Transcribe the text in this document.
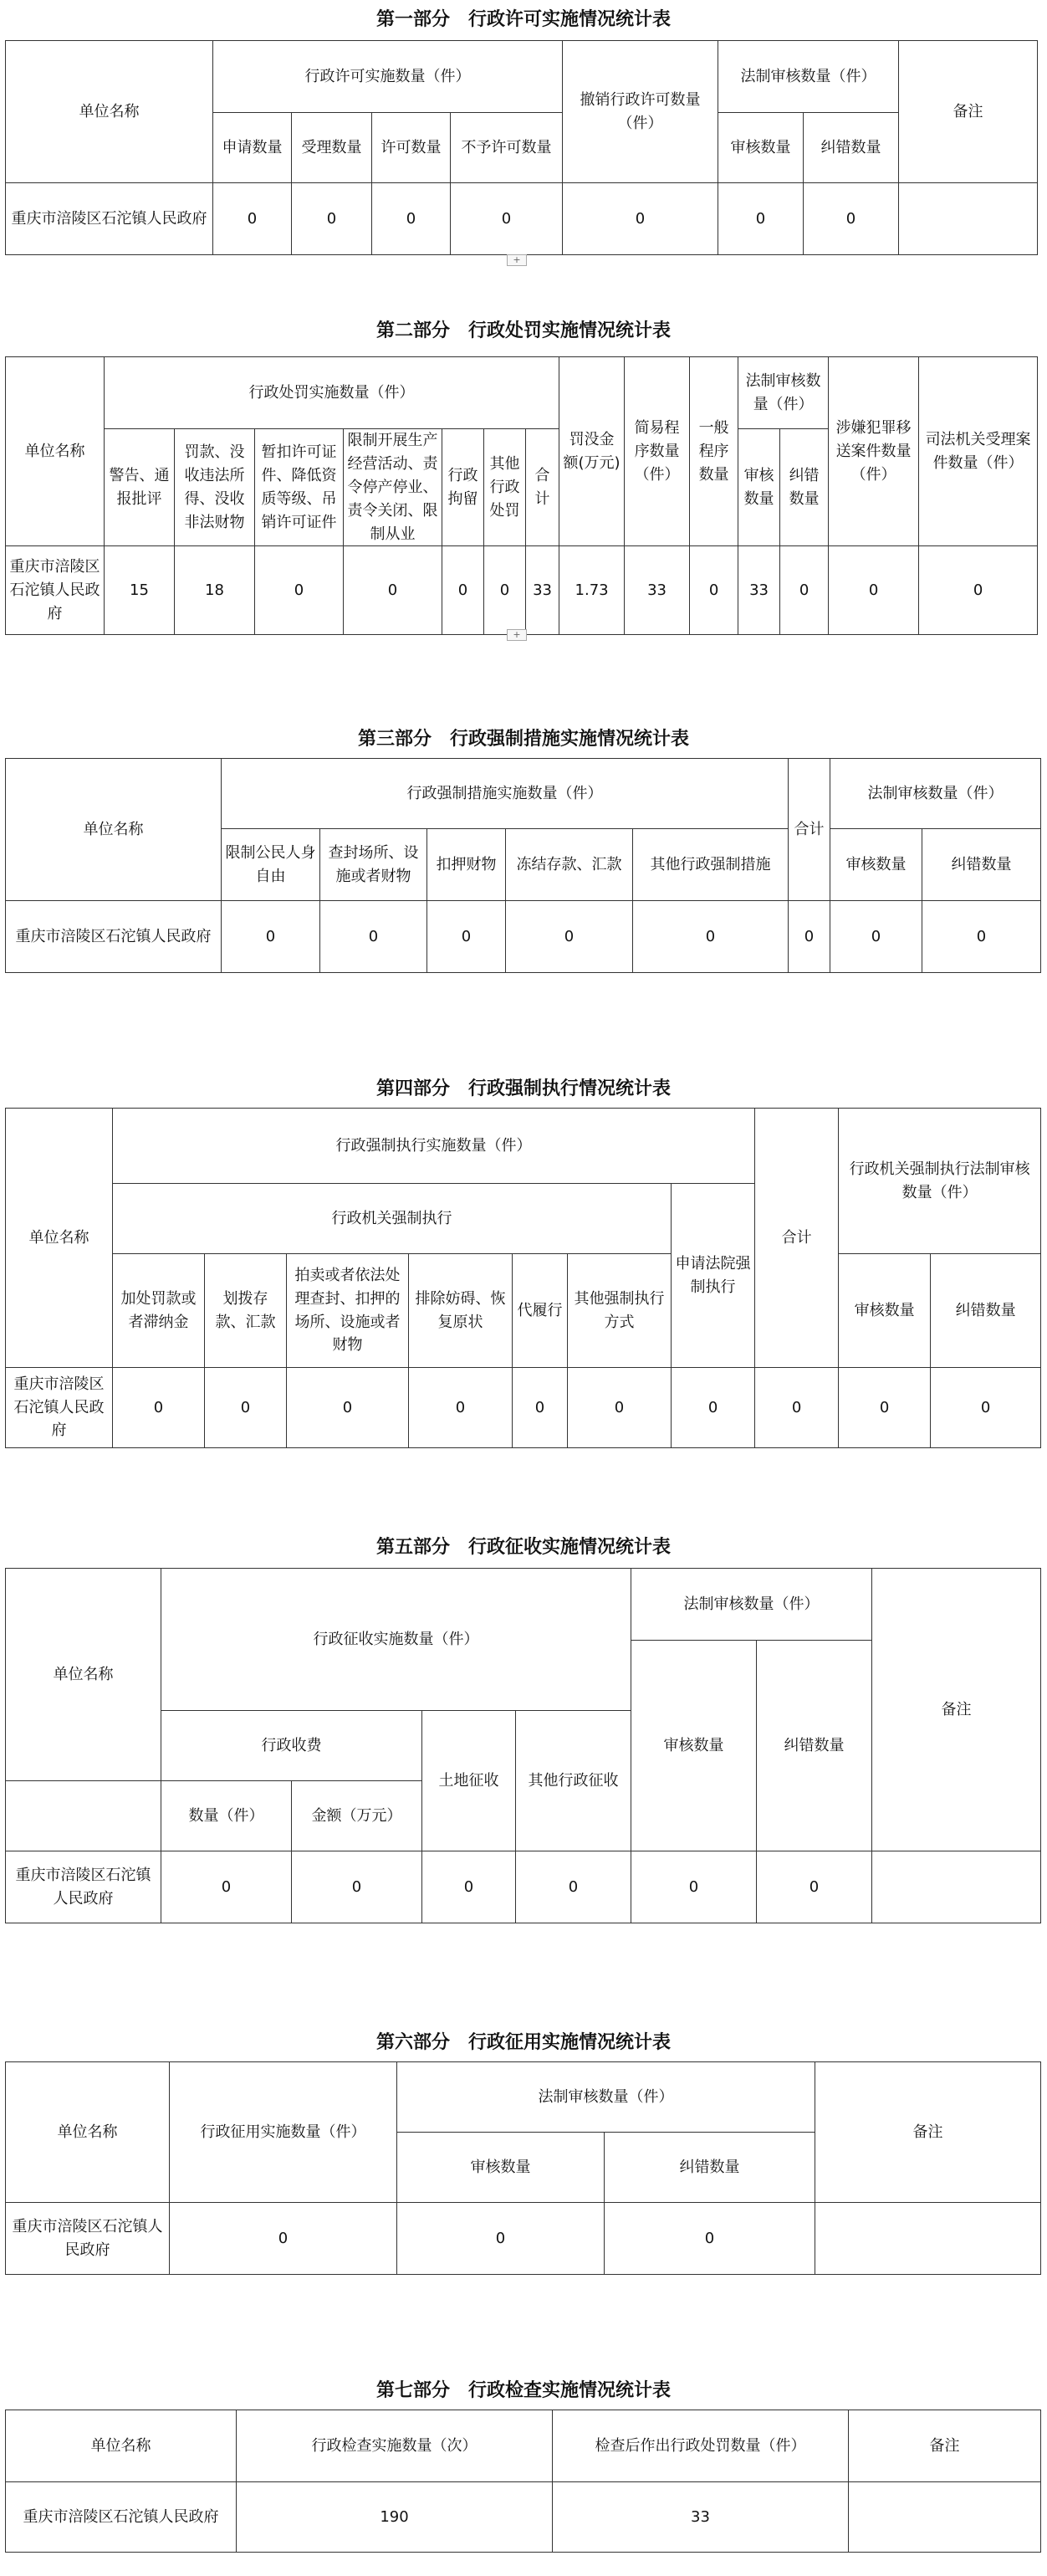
第一部分　行政许可实施情况统计表
单位名称	行政许可实施数量（件）				撤销行政许可数量（件）	法制审核数量（件）		备注
	申请数量	受理数量	许可数量	不予许可数量		审核数量	纠错数量	
重庆市涪陵区石沱镇人民政府	0	0	0	0	0	0	0	
+
第二部分　行政处罚实施情况统计表
单位名称	行政处罚实施数量（件）							罚没金额(万元)	简易程序数量（件）	一般程序数量	法制审核数量（件）		涉嫌犯罪移送案件数量（件）	司法机关受理案件数量（件）
	警告、通报批评	罚款、没收违法所得、没收非法财物	暂扣许可证件、降低资质等级、吊销许可证件	限制开展生产经营活动、责令停产停业、责令关闭、限制从业	行政拘留	其他行政处罚	合计				审核数量	纠错数量		
重庆市涪陵区石沱镇人民政府	15	18	0	0	0	0	33	1.73	33	0	33	0	0	0
+
第三部分　行政强制措施实施情况统计表
单位名称	行政强制措施实施数量（件）					合计	法制审核数量（件）	
	限制公民人身自由	查封场所、设施或者财物	扣押财物	冻结存款、汇款	其他行政强制措施		审核数量	纠错数量
重庆市涪陵区石沱镇人民政府	0	0	0	0	0	0	0	0
第四部分　行政强制执行情况统计表
单位名称	行政强制执行实施数量（件）							合计	行政机关强制执行法制审核数量（件）	
	行政机关强制执行						申请法院强制执行			
	加处罚款或者滞纳金	划拨存款、汇款	拍卖或者依法处理查封、扣押的场所、设施或者财物	排除妨碍、恢复原状	代履行	其他强制执行方式			审核数量	纠错数量
重庆市涪陵区石沱镇人民政府	0	0	0	0	0	0	0	0	0	0
第五部分　行政征收实施情况统计表
单位名称	行政征收实施数量（件）				法制审核数量（件）		备注
					审核数量	纠错数量	
	行政收费		土地征收	其他行政征收			
	数量（件）	金额（万元）					
重庆市涪陵区石沱镇人民政府	0	0	0	0	0	0	
第六部分　行政征用实施情况统计表
单位名称	行政征用实施数量（件）	法制审核数量（件）		备注
		审核数量	纠错数量	
重庆市涪陵区石沱镇人民政府	0	0	0	
第七部分　行政检查实施情况统计表
单位名称	行政检查实施数量（次）	检查后作出行政处罚数量（件）	备注
重庆市涪陵区石沱镇人民政府	190	33	
